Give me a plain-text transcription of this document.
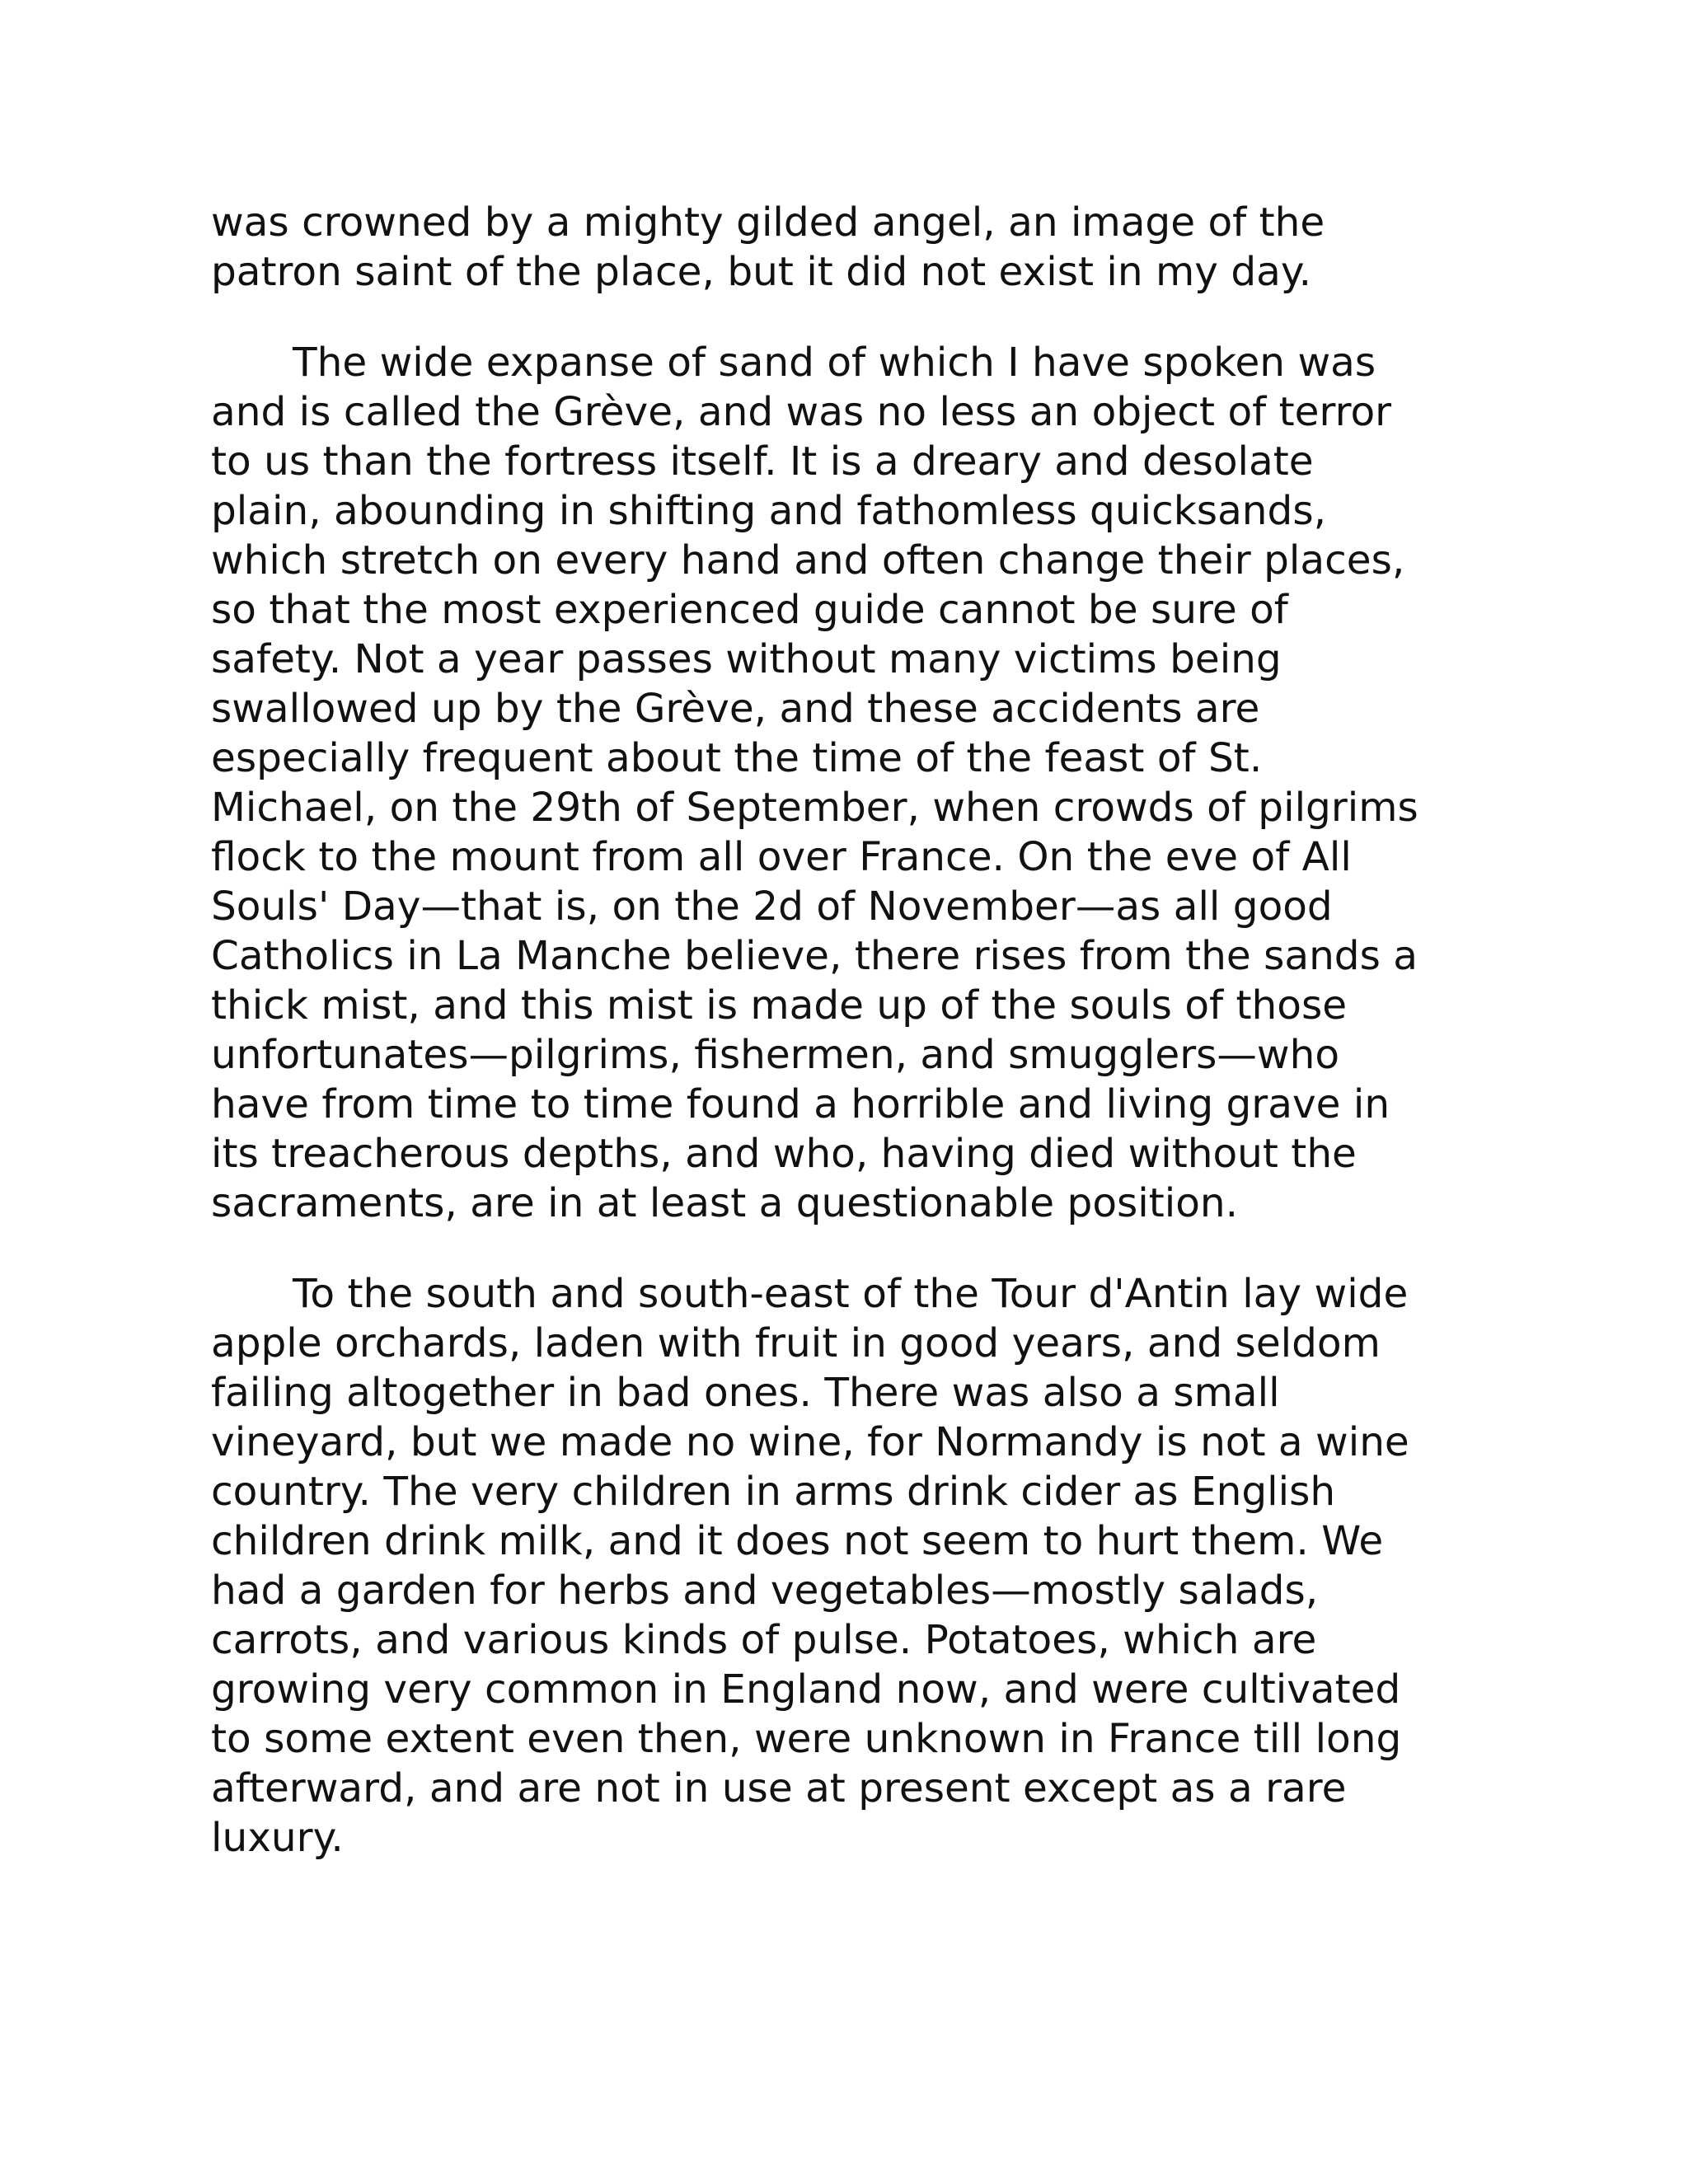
was crowned by a mighty gilded angel, an image of the
patron saint of the place, but it did not exist in my day.

The wide expanse of sand of which I have spoken was
and is called the Grève, and was no less an object of terror
to us than the fortress itself. It is a dreary and desolate
plain, abounding in shifting and fathomless quicksands,
which stretch on every hand and often change their places,
so that the most experienced guide cannot be sure of
safety. Not a year passes without many victims being
swallowed up by the Grève, and these accidents are
especially frequent about the time of the feast of St.
Michael, on the 29th of September, when crowds of pilgrims
flock to the mount from all over France. On the eve of All
Souls' Day—that is, on the 2d of November—as all good
Catholics in La Manche believe, there rises from the sands a
thick mist, and this mist is made up of the souls of those
unfortunates—pilgrims, fishermen, and smugglers—who
have from time to time found a horrible and living grave in
its treacherous depths, and who, having died without the
sacraments, are in at least a questionable position.

To the south and south-east of the Tour d'Antin lay wide
apple orchards, laden with fruit in good years, and seldom
failing altogether in bad ones. There was also a small
vineyard, but we made no wine, for Normandy is not a wine
country. The very children in arms drink cider as English
children drink milk, and it does not seem to hurt them. We
had a garden for herbs and vegetables—mostly salads,
carrots, and various kinds of pulse. Potatoes, which are
growing very common in England now, and were cultivated
to some extent even then, were unknown in France till long
afterward, and are not in use at present except as a rare
luxury.
